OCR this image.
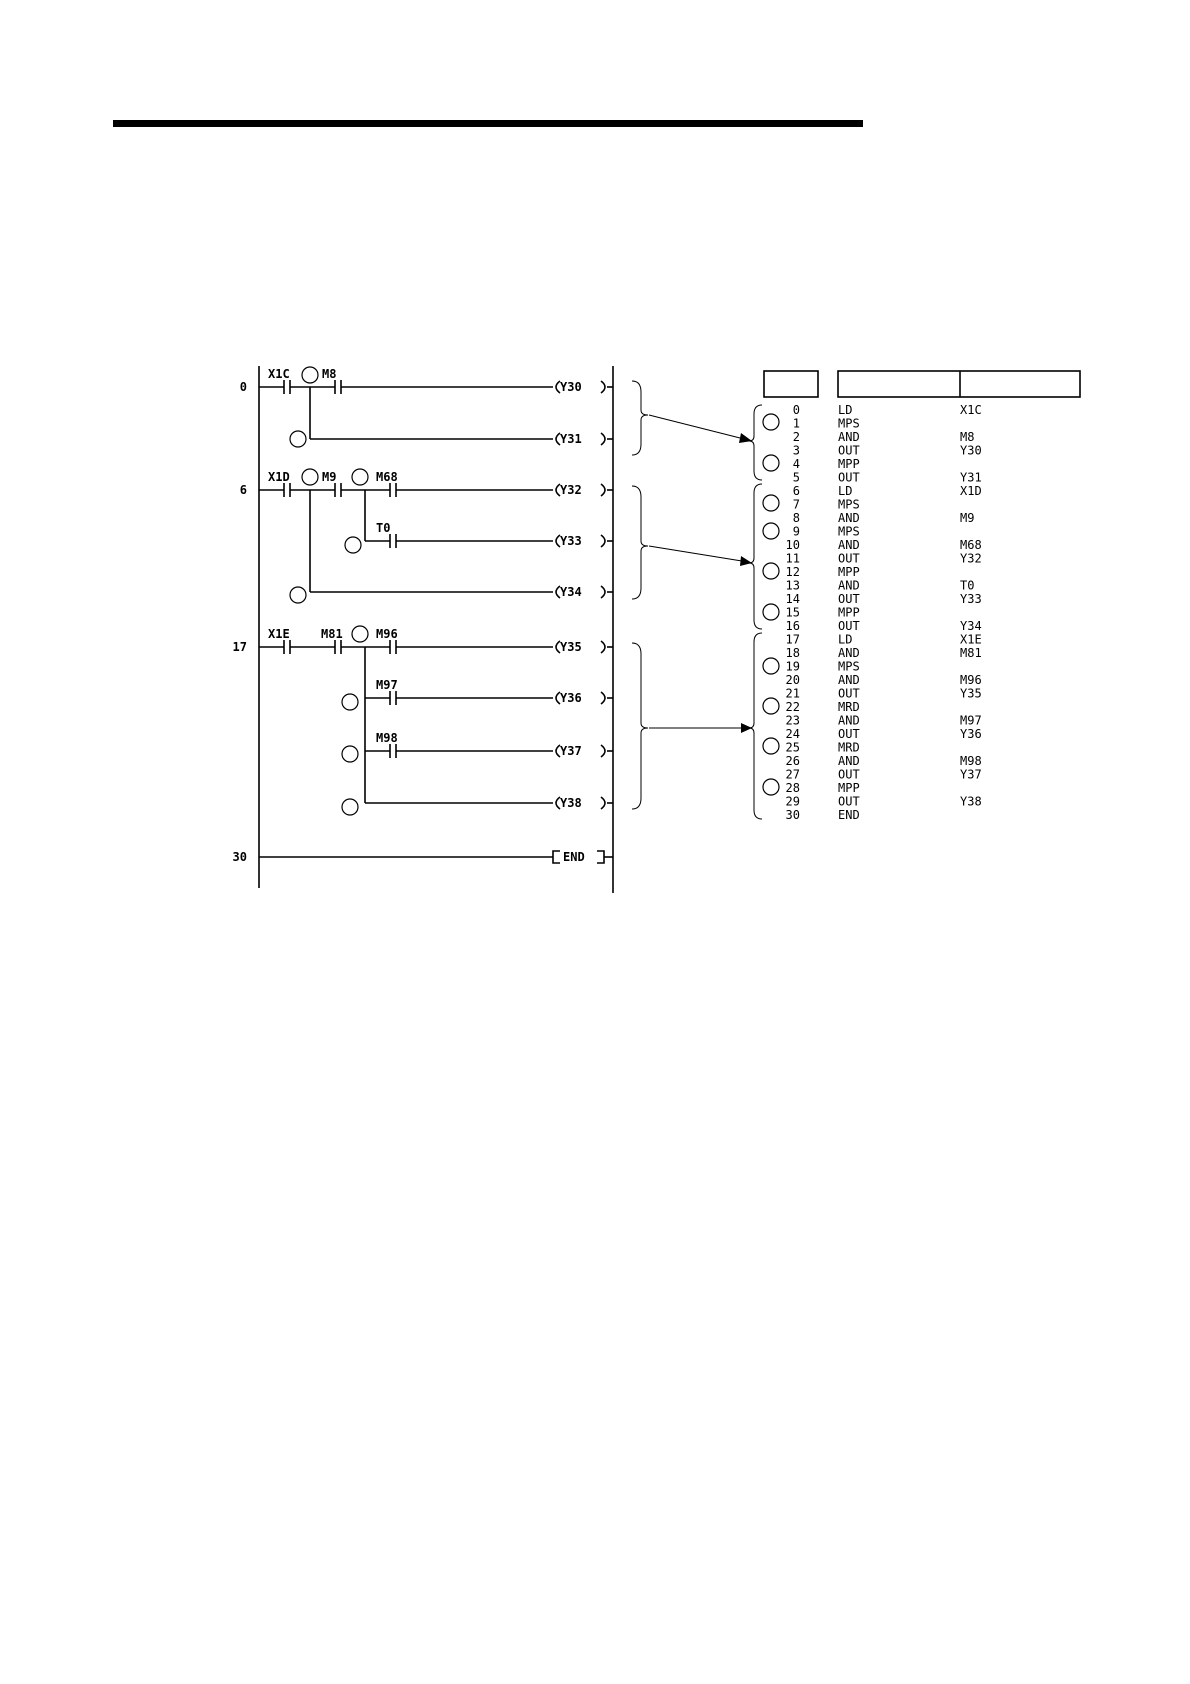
0
6
17
30
X1C	M8
Y30
Y31
X1D	M9	M68
T0
Y32
Y33
Y34
X1E	M81	M96
M97
M98
Y35
Y36
Y37
Y38
END
0	LD	X1C
1	MPS
2	AND	M8
3	OUT	Y30
4	MPP
5	OUT	Y31
6	LD	X1D
7	MPS
8	AND	M9
9	MPS
10	AND	M68
11	OUT	Y32
12	MPP
13	AND	T0
14	OUT	Y33
15	MPP
16	OUT	Y34
17	LD	X1E
18	AND	M81
19	MPS
20	AND	M96
21	OUT	Y35
22	MRD
23	AND	M97
24	OUT	Y36
25	MRD
26	AND	M98
27	OUT	Y37
28	MPP
29	OUT	Y38
30	END
